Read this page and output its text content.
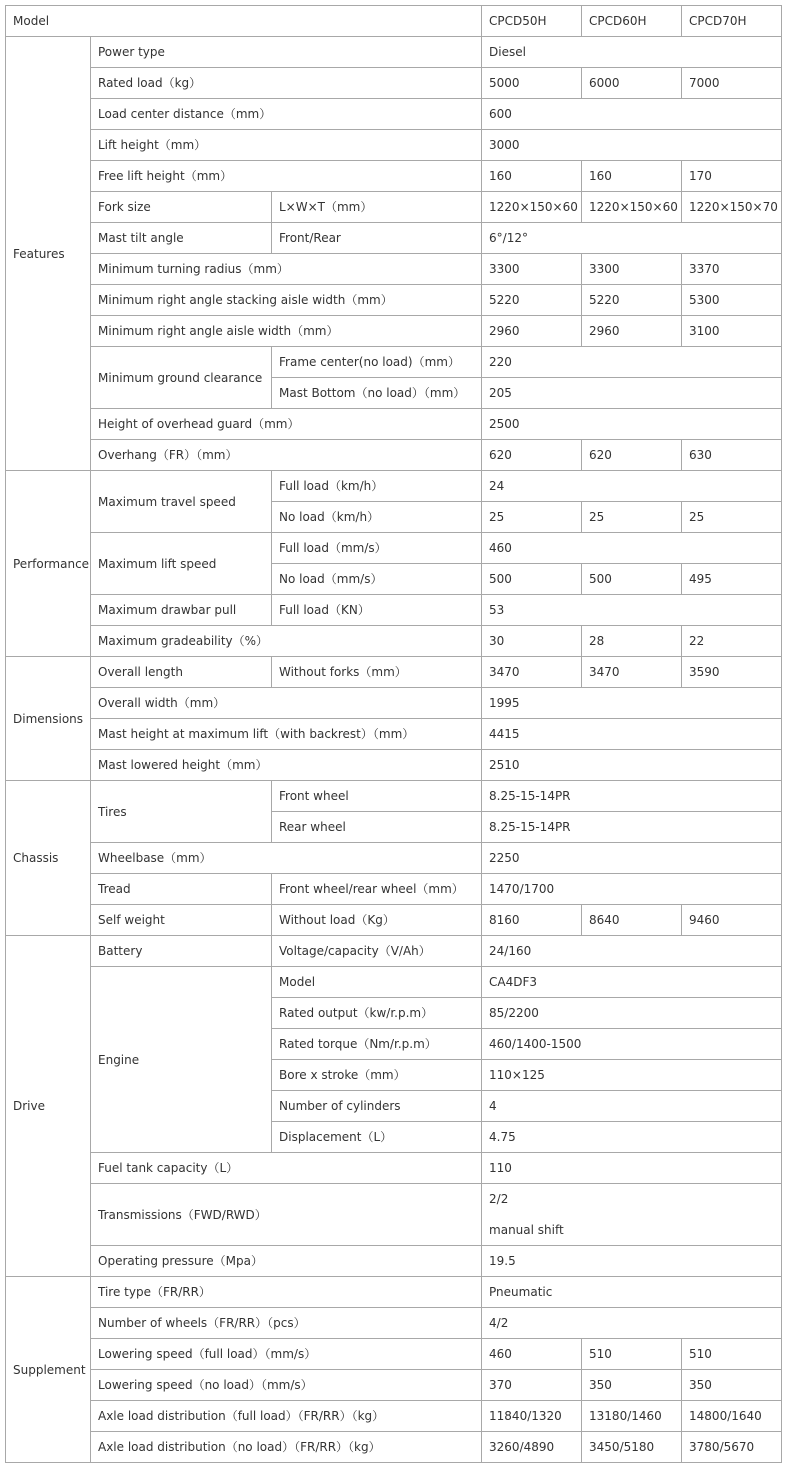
Model			CPCD50H	CPCD60H	CPCD70H
Features	Power type		Diesel		
	Rated load（kg）		5000	6000	7000
	Load center distance（mm）		600		
	Lift height（mm）		3000		
	Free lift height（mm）		160	160	170
	Fork size	L×W×T（mm）	1220×150×60	1220×150×60	1220×150×70
	Mast tilt angle	Front/Rear	6°/12°		
	Minimum turning radius（mm）		3300	3300	3370
	Minimum right angle stacking aisle width（mm）		5220	5220	5300
	Minimum right angle aisle width（mm）		2960	2960	3100
	Minimum ground clearance	Frame center(no load)（mm）	220		
		Mast Bottom（no load）（mm）	205		
	Height of overhead guard（mm）		2500		
	Overhang（FR）（mm）		620	620	630
Performance	Maximum travel speed	Full load（km/h）	24		
		No load（km/h）	25	25	25
	Maximum lift speed	Full load（mm/s）	460		
		No load（mm/s）	500	500	495
	Maximum drawbar pull	Full load（KN）	53		
	Maximum gradeability（%）		30	28	22
Dimensions	Overall length	Without forks（mm）	3470	3470	3590
	Overall width（mm）		1995		
	Mast height at maximum lift（with backrest）（mm）		4415		
	Mast lowered height（mm）		2510		
Chassis	Tires	Front wheel	8.25-15-14PR		
		Rear wheel	8.25-15-14PR		
	Wheelbase（mm）		2250		
	Tread	Front wheel/rear wheel（mm）	1470/1700		
	Self weight	Without load（Kg）	8160	8640	9460
Drive	Battery	Voltage/capacity（V/Ah）	24/160		
	Engine	Model	CA4DF3		
		Rated output（kw/r.p.m）	85/2200		
		Rated torque（Nm/r.p.m）	460/1400-1500		
		Bore x stroke（mm）	110×125		
		Number of cylinders	4		
		Displacement（L）	4.75		
	Fuel tank capacity（L）		110		
	Transmissions（FWD/RWD）		2/2		
			manual shift		
	Operating pressure（Mpa）		19.5		
Supplement	Tire type（FR/RR）		Pneumatic		
	Number of wheels（FR/RR）（pcs）		4/2		
	Lowering speed（full load）（mm/s）		460	510	510
	Lowering speed（no load）（mm/s）		370	350	350
	Axle load distribution（full load）（FR/RR）（kg）		11840/1320	13180/1460	14800/1640
	Axle load distribution（no load）（FR/RR）（kg）		3260/4890	3450/5180	3780/5670
